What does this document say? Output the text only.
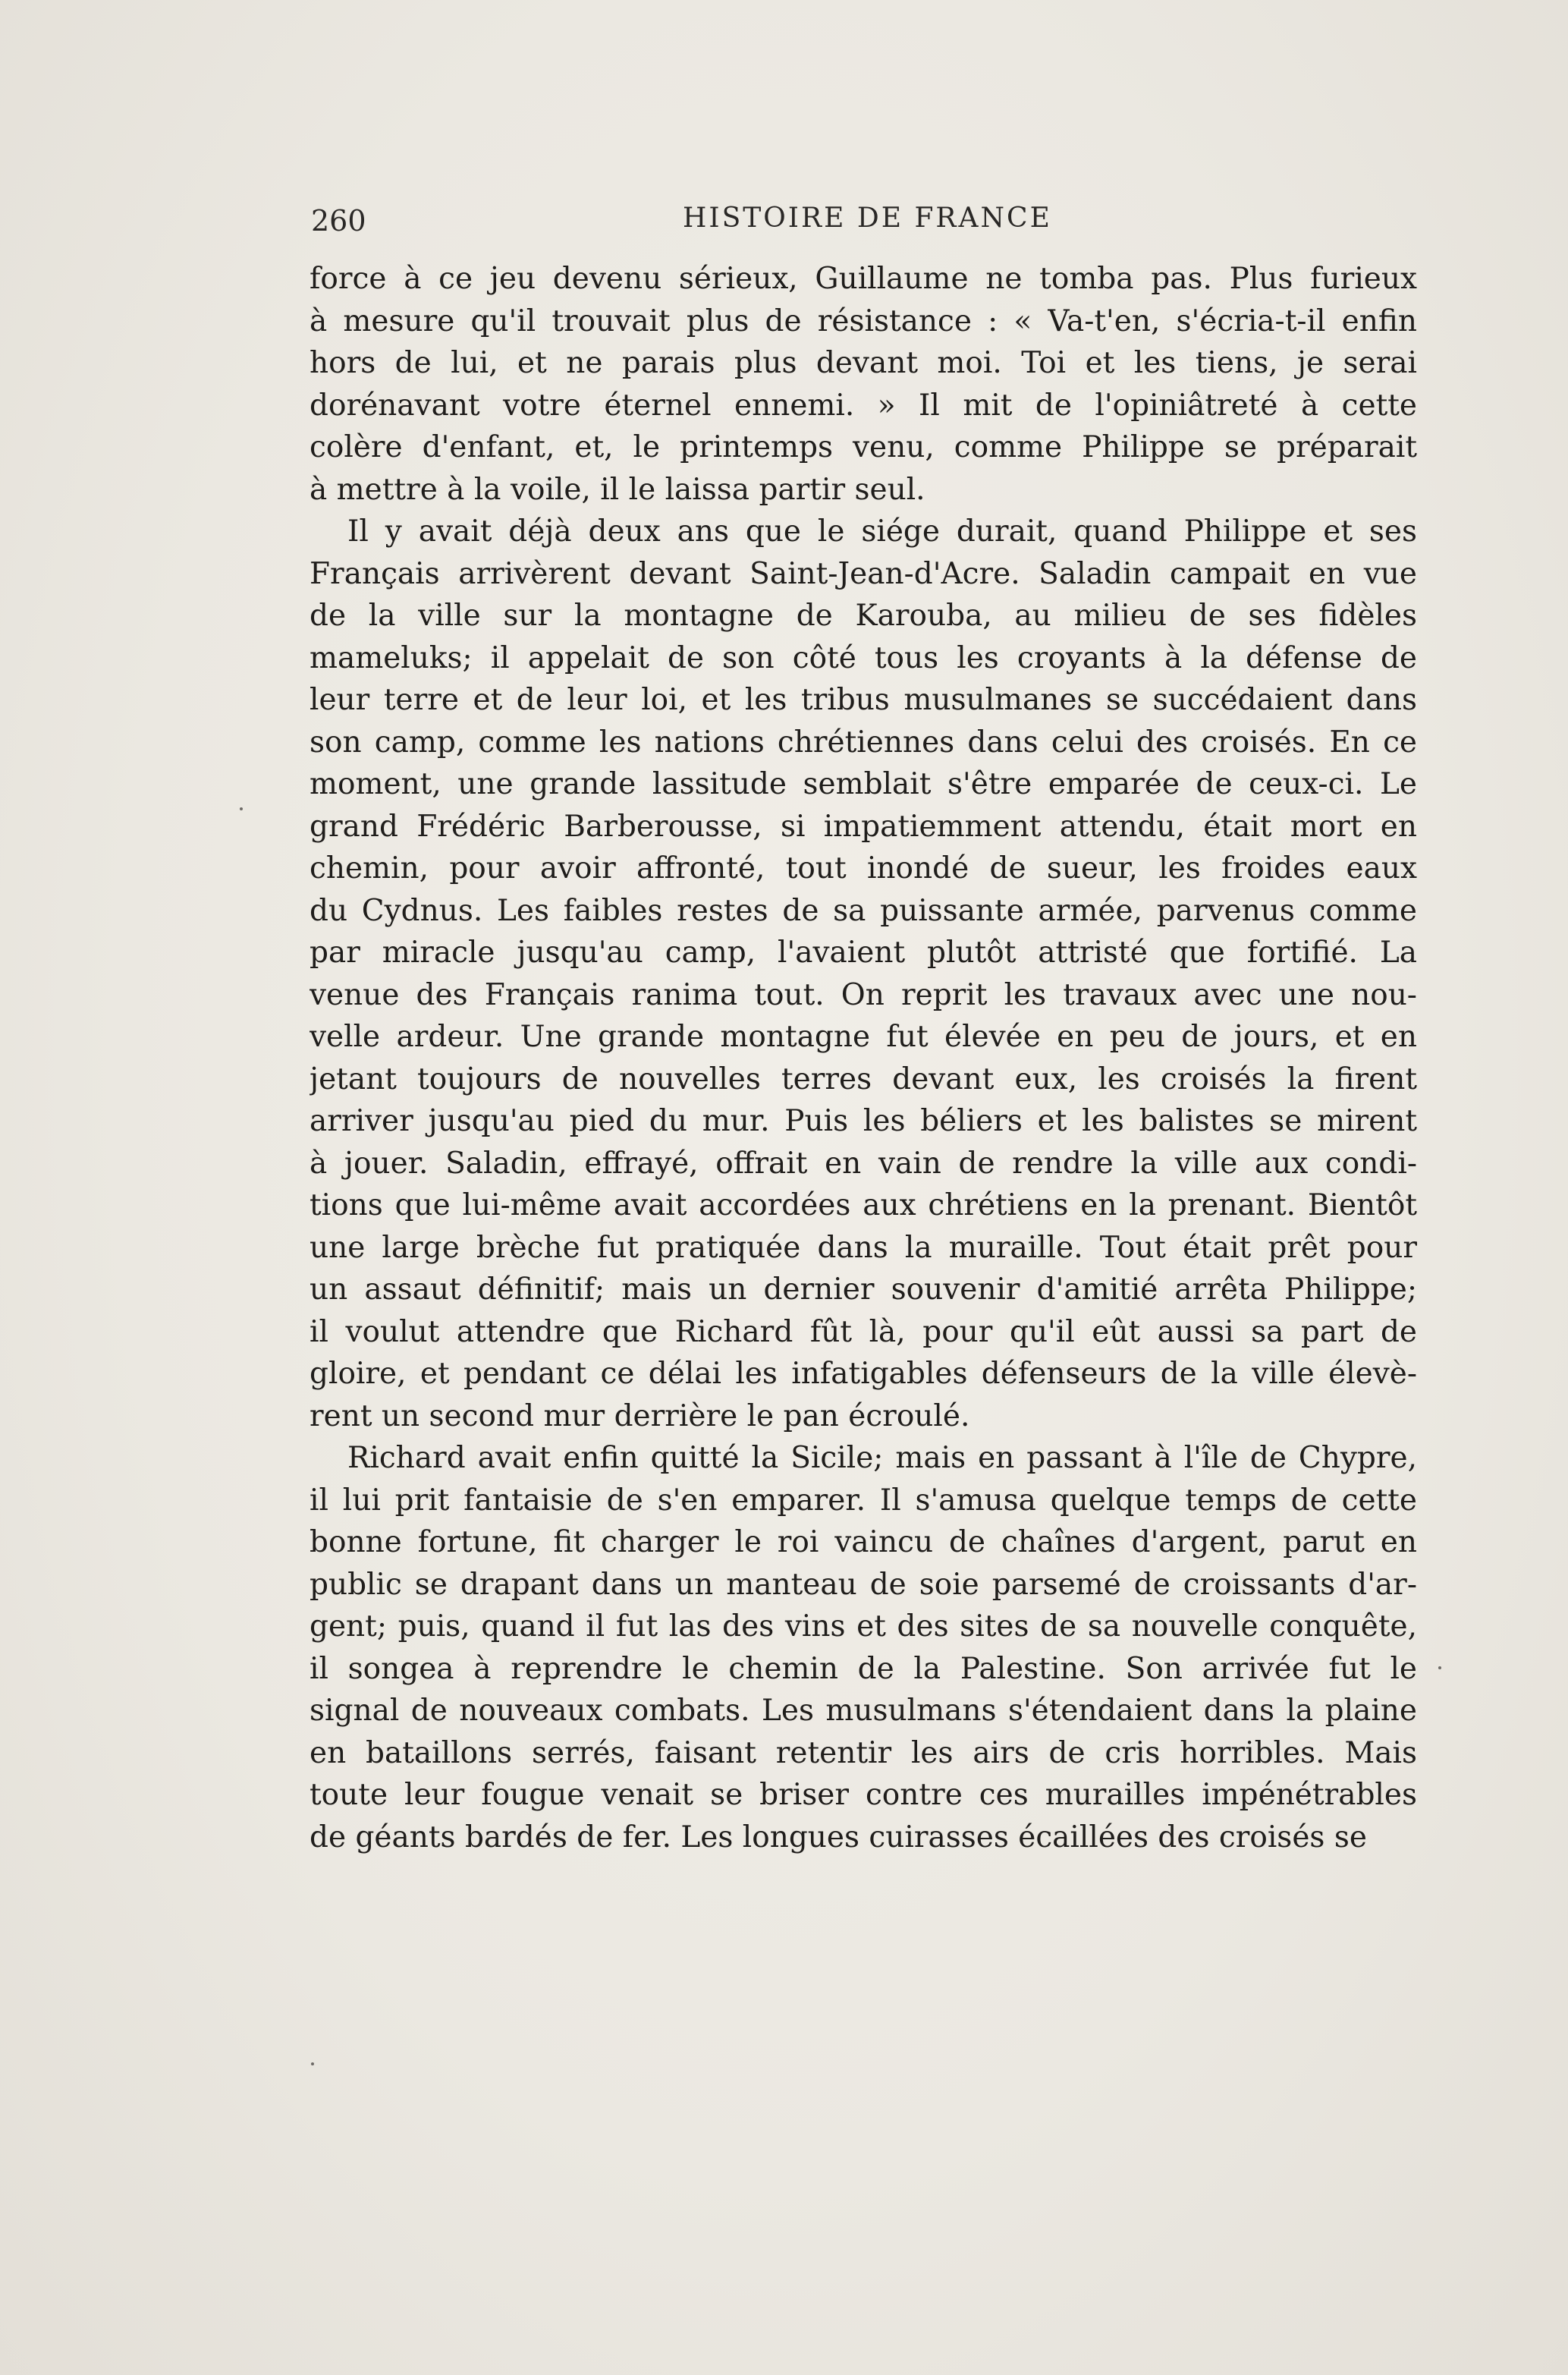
260	HISTOIRE DE FRANCE
force à ce jeu devenu sérieux, Guillaume ne tomba pas. Plus furieux
à mesure qu'il trouvait plus de résistance : « Va-t'en, s'écria-t-il enfin
hors de lui, et ne parais plus devant moi. Toi et les tiens, je serai
dorénavant votre éternel ennemi. » Il mit de l'opiniâtreté à cette
colère d'enfant, et, le printemps venu, comme Philippe se préparait
à mettre à la voile, il le laissa partir seul.
Il y avait déjà deux ans que le siége durait, quand Philippe et ses
Français arrivèrent devant Saint-Jean-d'Acre. Saladin campait en vue
de la ville sur la montagne de Karouba, au milieu de ses fidèles
mameluks; il appelait de son côté tous les croyants à la défense de
leur terre et de leur loi, et les tribus musulmanes se succédaient dans
son camp, comme les nations chrétiennes dans celui des croisés. En ce
moment, une grande lassitude semblait s'être emparée de ceux-ci. Le
grand Frédéric Barberousse, si impatiemment attendu, était mort en
chemin, pour avoir affronté, tout inondé de sueur, les froides eaux
du Cydnus. Les faibles restes de sa puissante armée, parvenus comme
par miracle jusqu'au camp, l'avaient plutôt attristé que fortifié. La
venue des Français ranima tout. On reprit les travaux avec une nou-
velle ardeur. Une grande montagne fut élevée en peu de jours, et en
jetant toujours de nouvelles terres devant eux, les croisés la firent
arriver jusqu'au pied du mur. Puis les béliers et les balistes se mirent
à jouer. Saladin, effrayé, offrait en vain de rendre la ville aux condi-
tions que lui-même avait accordées aux chrétiens en la prenant. Bientôt
une large brèche fut pratiquée dans la muraille. Tout était prêt pour
un assaut définitif; mais un dernier souvenir d'amitié arrêta Philippe;
il voulut attendre que Richard fût là, pour qu'il eût aussi sa part de
gloire, et pendant ce délai les infatigables défenseurs de la ville élevè-
rent un second mur derrière le pan écroulé.
Richard avait enfin quitté la Sicile; mais en passant à l'île de Chypre,
il lui prit fantaisie de s'en emparer. Il s'amusa quelque temps de cette
bonne fortune, fit charger le roi vaincu de chaînes d'argent, parut en
public se drapant dans un manteau de soie parsemé de croissants d'ar-
gent; puis, quand il fut las des vins et des sites de sa nouvelle conquête,
il songea à reprendre le chemin de la Palestine. Son arrivée fut le
signal de nouveaux combats. Les musulmans s'étendaient dans la plaine
en bataillons serrés, faisant retentir les airs de cris horribles. Mais
toute leur fougue venait se briser contre ces murailles impénétrables
de géants bardés de fer. Les longues cuirasses écaillées des croisés se
